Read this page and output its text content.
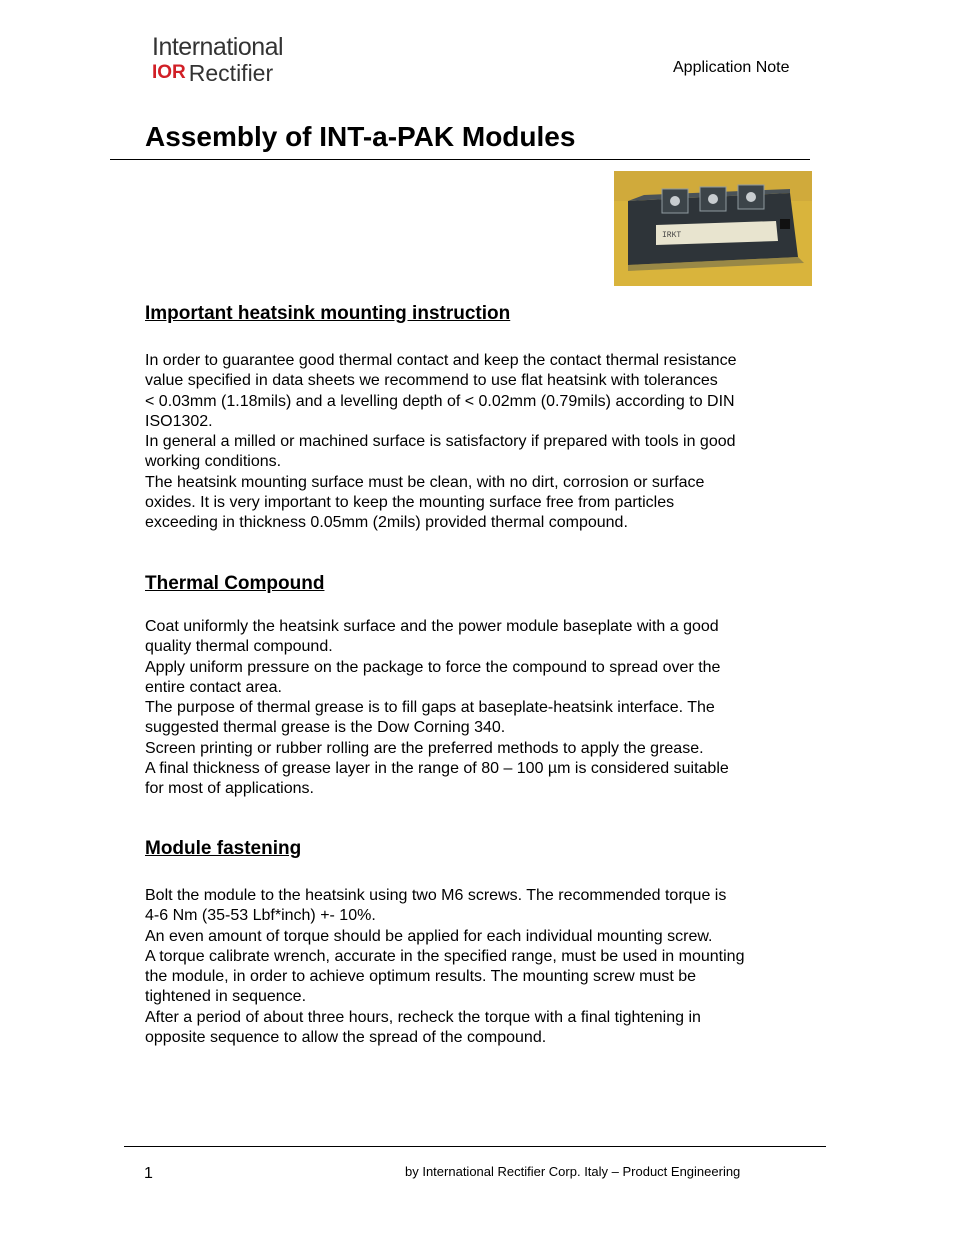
International
IOR Rectifier	Application Note
Assembly of INT-a-PAK Modules
IRKT
Important heatsink mounting instruction
In order to guarantee good thermal contact and keep the contact thermal resistance
value specified in data sheets we recommend to use flat heatsink with tolerances
< 0.03mm (1.18mils) and a levelling depth of < 0.02mm (0.79mils) according to DIN
ISO1302.
In general a milled or machined surface is satisfactory if prepared with tools in good
working conditions.
The heatsink mounting surface must be clean, with no dirt, corrosion or surface
oxides. It is very important to keep the mounting surface free from particles
exceeding in thickness 0.05mm (2mils) provided thermal compound.
Thermal Compound
Coat uniformly the heatsink surface and the power module baseplate with a good
quality thermal compound.
Apply uniform pressure on the package to force the compound to spread over the
entire contact area.
The purpose of thermal grease is to fill gaps at baseplate-heatsink interface. The
suggested thermal grease is the Dow Corning 340.
Screen printing or rubber rolling are the preferred methods to apply the grease.
A final thickness of grease layer in the range of 80 – 100 µm is considered suitable
for most of applications.
Module fastening
Bolt the module to the heatsink using two M6 screws. The recommended torque is
4-6 Nm (35-53 Lbf*inch) +- 10%.
An even amount of torque should be applied for each individual mounting screw.
A torque calibrate wrench, accurate in the specified range, must be used in mounting
the module, in order to achieve optimum results. The mounting screw must be
tightened in sequence.
After a period of about three hours, recheck the torque with a final tightening in
opposite sequence to allow the spread of the compound.
1	by International Rectifier Corp. Italy – Product Engineering
